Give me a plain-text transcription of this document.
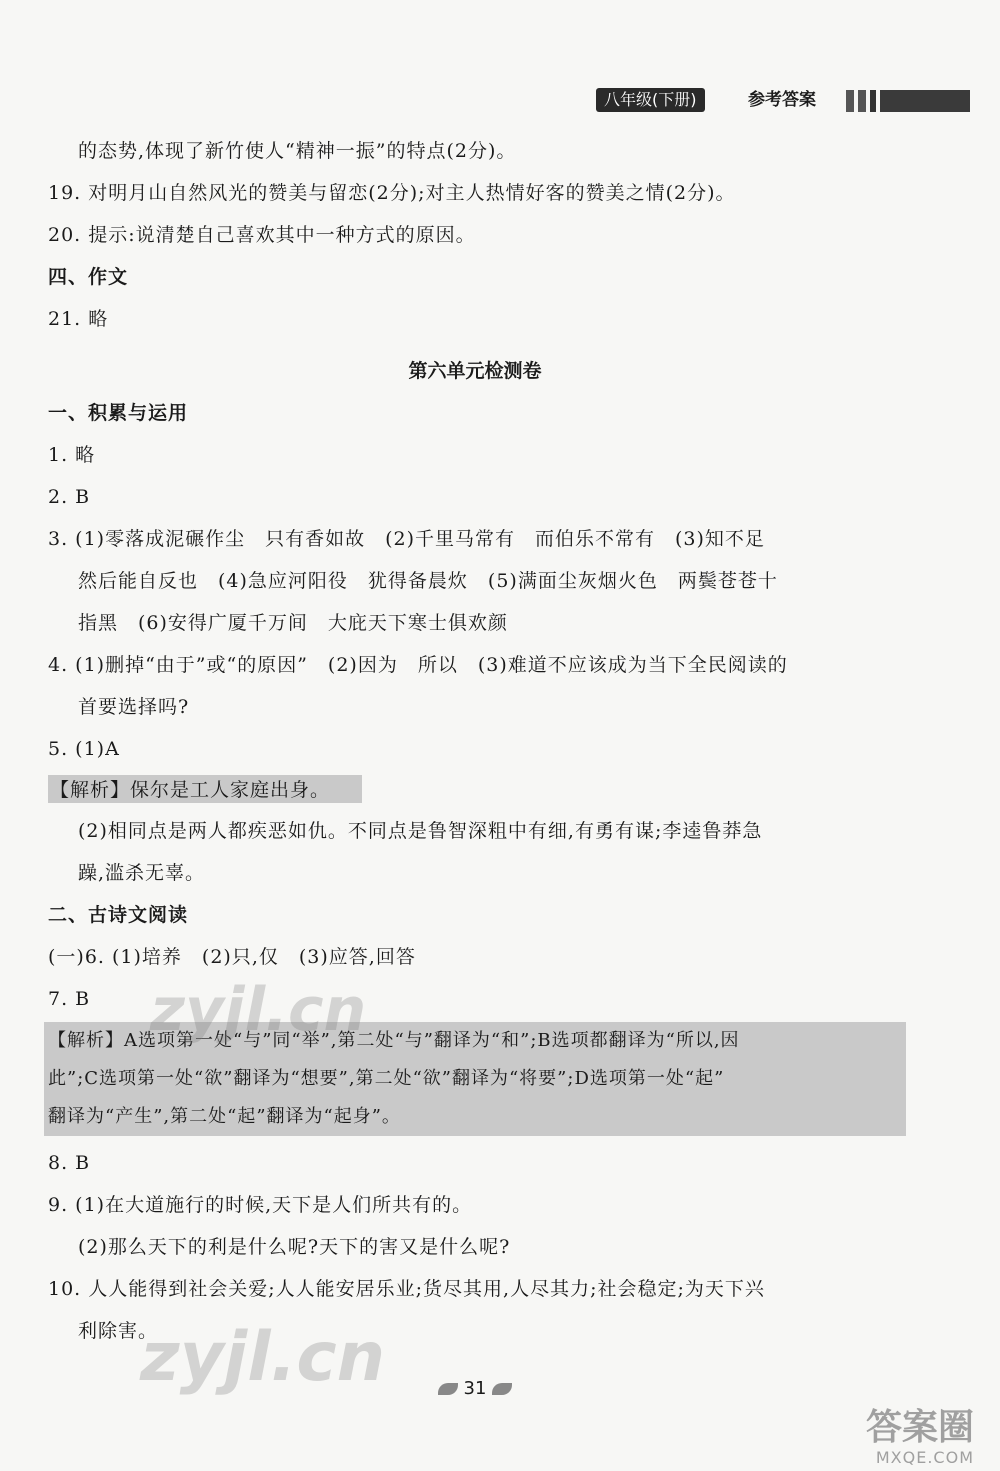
八年级(下册)	参考答案
的态势,体现了新竹使人“精神一振”的特点(2分)。
19. 对明月山自然风光的赞美与留恋(2分);对主人热情好客的赞美之情(2分)。
20. 提示:说清楚自己喜欢其中一种方式的原因。
四、作文
21. 略
第六单元检测卷
一、积累与运用
1. 略
2. B
3. (1)零落成泥碾作尘　只有香如故　(2)千里马常有　而伯乐不常有　(3)知不足
然后能自反也　(4)急应河阳役　犹得备晨炊　(5)满面尘灰烟火色　两鬓苍苍十
指黑　(6)安得广厦千万间　大庇天下寒士俱欢颜
4. (1)删掉“由于”或“的原因”　(2)因为　所以　(3)难道不应该成为当下全民阅读的
首要选择吗?
5. (1)A
【解析】保尔是工人家庭出身。
(2)相同点是两人都疾恶如仇。不同点是鲁智深粗中有细,有勇有谋;李逵鲁莽急
躁,滥杀无辜。
二、古诗文阅读
(一)6. (1)培养　(2)只,仅　(3)应答,回答
7. B
【解析】A选项第一处“与”同“举”,第二处“与”翻译为“和”;B选项都翻译为“所以,因
此”;C选项第一处“欲”翻译为“想要”,第二处“欲”翻译为“将要”;D选项第一处“起”
翻译为“产生”,第二处“起”翻译为“起身”。
8. B
9. (1)在大道施行的时候,天下是人们所共有的。
(2)那么天下的利是什么呢?天下的害又是什么呢?
10. 人人能得到社会关爱;人人能安居乐业;货尽其用,人尽其力;社会稳定;为天下兴
利除害。
zyjl.cn
zyjl.cn	31
答案圈
MXQE.COM
